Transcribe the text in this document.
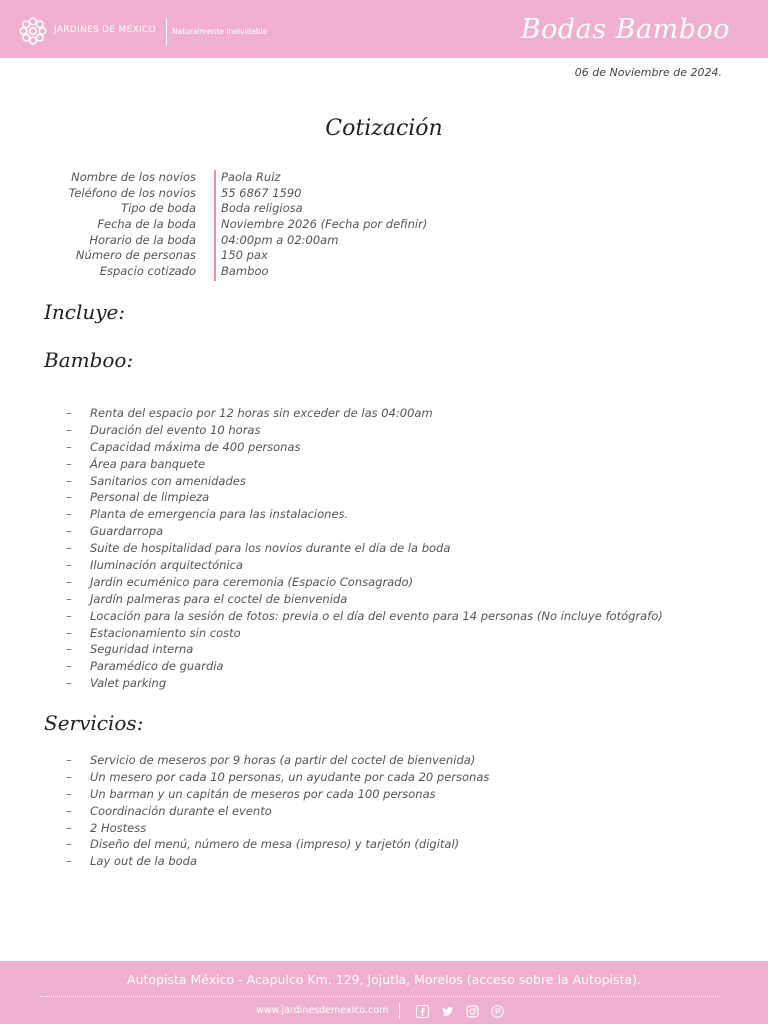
JARDINES DE MÉXICO Naturalmente Inolvidable	Bodas Bamboo
06 de Noviembre de 2024.
Cotización
Nombre de los novios Paola Ruiz
Teléfono de los novios 55 6867 1590
Tipo de boda Boda religiosa
Fecha de la boda Noviembre 2026 (Fecha por definir)
Horario de la boda 04:00pm a 02:00am
Número de personas 150 pax
Espacio cotizado Bamboo
Incluye:
Bamboo:
–	Renta del espacio por 12 horas sin exceder de las 04:00am
–	Duración del evento 10 horas
–	Capacidad máxima de 400 personas
–	Área para banquete
–	Sanitarios con amenidades
–	Personal de limpieza
–	Planta de emergencia para las instalaciones.
–	Guardarropa
–	Suite de hospitalidad para los novios durante el día de la boda
–	Iluminación arquitectónica
–	Jardín ecuménico para ceremonia (Espacio Consagrado)
–	Jardín palmeras para el coctel de bienvenida
–	Locación para la sesión de fotos: previa o el día del evento para 14 personas (No incluye fotógrafo)
–	Estacionamiento sin costo
–	Seguridad interna
–	Paramédico de guardia
–	Valet parking
Servicios:
–	Servicio de meseros por 9 horas (a partir del coctel de bienvenida)
–	Un mesero por cada 10 personas, un ayudante por cada 20 personas
–	Un barman y un capitán de meseros por cada 100 personas
–	Coordinación durante el evento
–	2 Hostess
–	Diseño del menú, número de mesa (impreso) y tarjetón (digital)
–	Lay out de la boda
Autopista México - Acapulco Km. 129, Jojutla, Morelos (acceso sobre la Autopista).
www.jardinesdemexico.com
